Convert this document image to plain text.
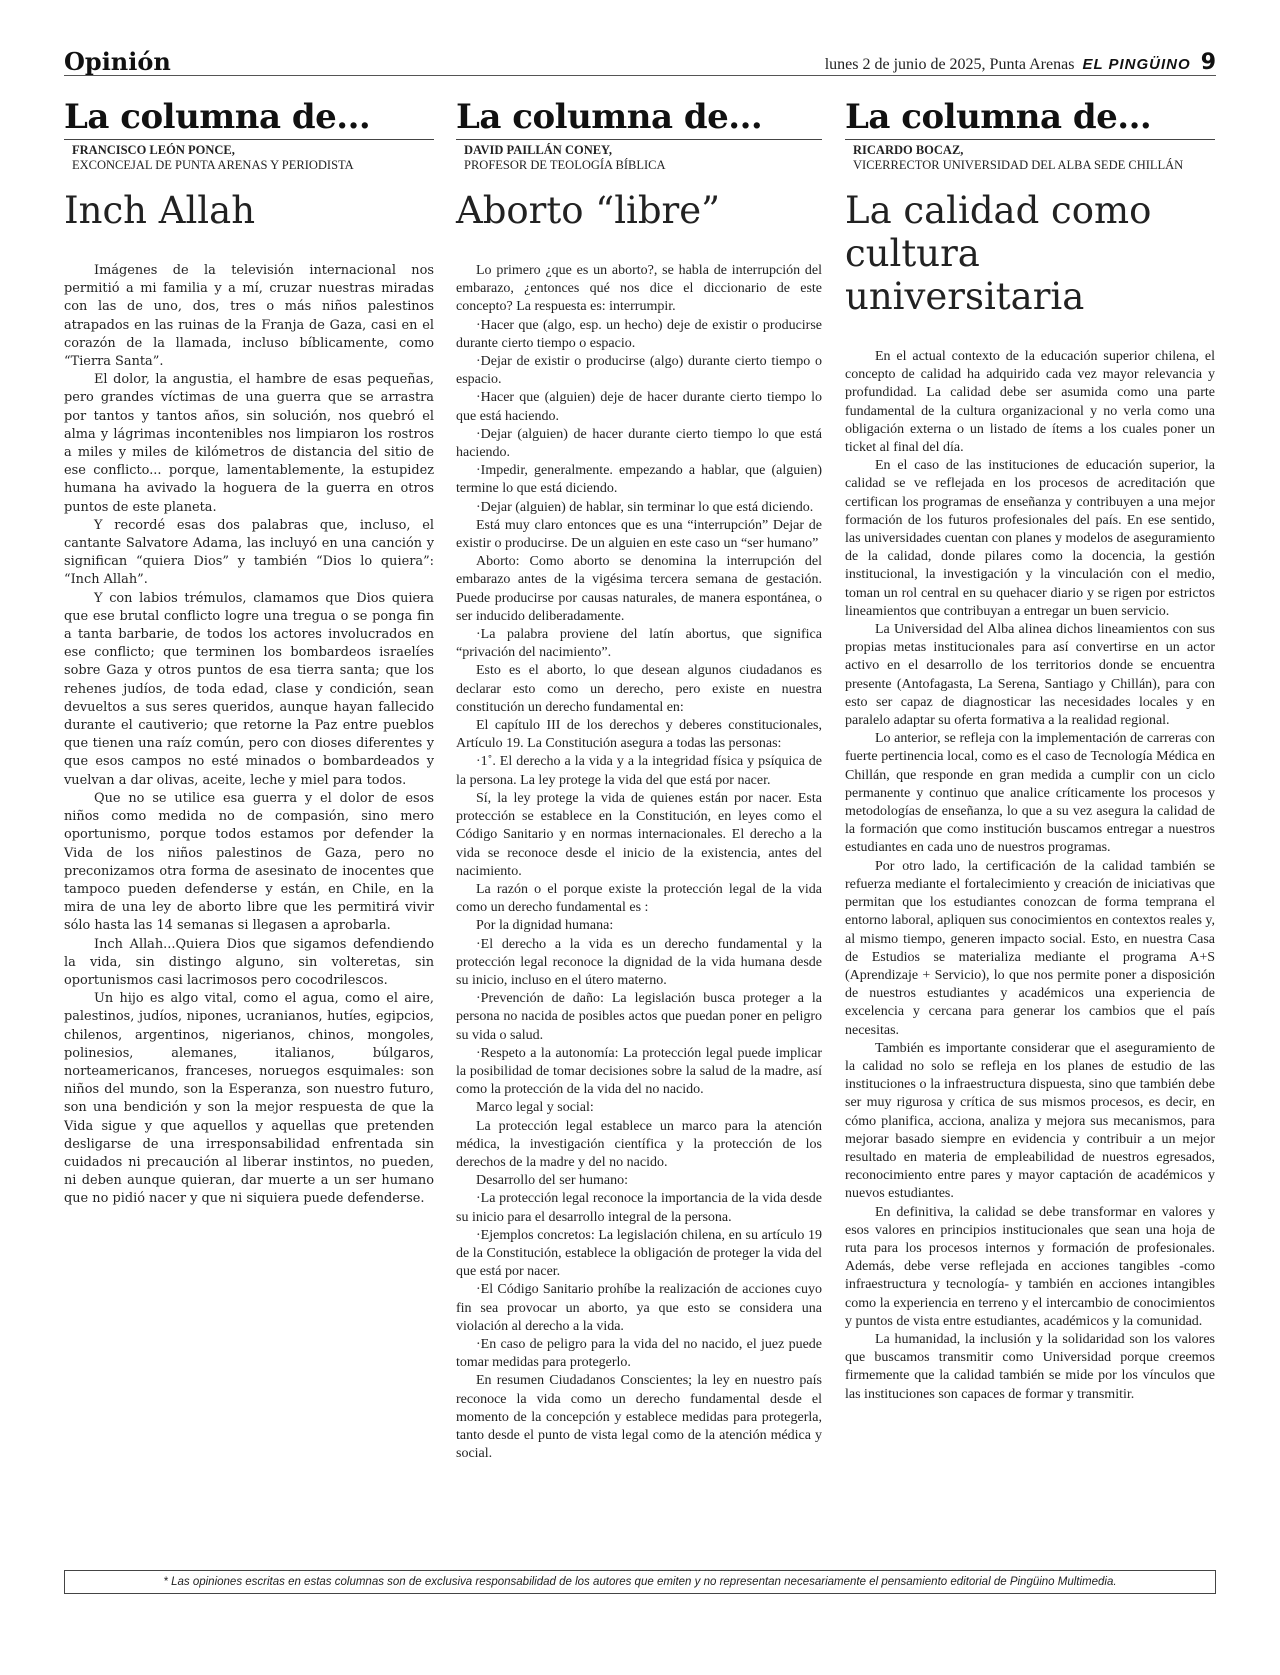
Opinión	lunes 2 de junio de 2025, Punta Arenas EL PINGÜINO 9
La columna de...
FRANCISCO LEÓN PONCE,
EXCONCEJAL DE PUNTA ARENAS Y PERIODISTA
Inch Allah

Imágenes de la televisión internacional nos permitió a mi familia y a mí, cruzar nuestras miradas con las de uno, dos, tres o más niños palestinos atrapados en las ruinas de la Franja de Gaza, casi en el corazón de la llamada, incluso bíblicamente, como “Tierra Santa”.

El dolor, la angustia, el hambre de esas pequeñas, pero grandes víctimas de una guerra que se arrastra por tantos y tantos años, sin solución, nos quebró el alma y lágrimas incontenibles nos limpiaron los rostros a miles y miles de kilómetros de distancia del sitio de ese conflicto... porque, lamentablemente, la estupidez humana ha avivado la hoguera de la guerra en otros puntos de este planeta.

Y recordé esas dos palabras que, incluso, el cantante Salvatore Adama, las incluyó en una canción y significan “quiera Dios” y también “Dios lo quiera”: “Inch Allah”.

Y con labios trémulos, clamamos que Dios quiera que ese brutal conflicto logre una tregua o se ponga fin a tanta barbarie, de todos los actores involucrados en ese conflicto; que terminen los bombardeos israelíes sobre Gaza y otros puntos de esa tierra santa; que los rehenes judíos, de toda edad, clase y condición, sean devueltos a sus seres queridos, aunque hayan fallecido durante el cautiverio; que retorne la Paz entre pueblos que tienen una raíz común, pero con dioses diferentes y que esos campos no esté minados o bombardeados y vuelvan a dar olivas, aceite, leche y miel para todos.

Que no se utilice esa guerra y el dolor de esos niños como medida no de compasión, sino mero oportunismo, porque todos estamos por defender la Vida de los niños palestinos de Gaza, pero no preconizamos otra forma de asesinato de inocentes que tampoco pueden defenderse y están, en Chile, en la mira de una ley de aborto libre que les permitirá vivir sólo hasta las 14 semanas si llegasen a aprobarla.

Inch Allah...Quiera Dios que sigamos defendiendo la vida, sin distingo alguno, sin volteretas, sin oportunismos casi lacrimosos pero cocodrilescos.

Un hijo es algo vital, como el agua, como el aire, palestinos, judíos, nipones, ucranianos, hutíes, egipcios, chilenos, argentinos, nigerianos, chinos, mongoles, polinesios, alemanes, italianos, búlgaros, norteamericanos, franceses, noruegos esquimales: son niños del mundo, son la Esperanza, son nuestro futuro, son una bendición y son la mejor respuesta de que la Vida sigue y que aquellos y aquellas que pretenden desligarse de una irresponsabilidad enfrentada sin cuidados ni precaución al liberar instintos, no pueden, ni deben aunque quieran, dar muerte a un ser humano que no pidió nacer y que ni siquiera puede defenderse.

La columna de...
DAVID PAILLÁN CONEY,
PROFESOR DE TEOLOGÍA BÍBLICA
Aborto “libre”

Lo primero ¿que es un aborto?, se habla de interrupción del embarazo, ¿entonces qué nos dice el diccionario de este concepto? La respuesta es: interrumpir.

·Hacer que (algo, esp. un hecho) deje de existir o producirse durante cierto tiempo o espacio.

·Dejar de existir o producirse (algo) durante cierto tiempo o espacio.

·Hacer que (alguien) deje de hacer durante cierto tiempo lo que está haciendo.

·Dejar (alguien) de hacer durante cierto tiempo lo que está haciendo.

·Impedir, generalmente. empezando a hablar, que (alguien) termine lo que está diciendo.

·Dejar (alguien) de hablar, sin terminar lo que está diciendo.

Está muy claro entonces que es una “interrupción” Dejar de existir o producirse. De un alguien en este caso un “ser humano”

Aborto: Como aborto se denomina la interrupción del embarazo antes de la vigésima tercera semana de gestación. Puede producirse por causas naturales, de manera espontánea, o ser inducido deliberadamente.

·La palabra proviene del latín abortus, que significa “privación del nacimiento”.

Esto es el aborto, lo que desean algunos ciudadanos es declarar esto como un derecho, pero existe en nuestra constitución un derecho fundamental en:

El capítulo III de los derechos y deberes constitucionales, Artículo 19. La Constitución asegura a todas las personas:

·1˚. El derecho a la vida y a la integridad física y psíquica de la persona. La ley protege la vida del que está por nacer.

Sí, la ley protege la vida de quienes están por nacer. Esta protección se establece en la Constitución, en leyes como el Código Sanitario y en normas internacionales. El derecho a la vida se reconoce desde el inicio de la existencia, antes del nacimiento.

La razón o el porque existe la protección legal de la vida como un derecho fundamental es :

Por la dignidad humana:

·El derecho a la vida es un derecho fundamental y la protección legal reconoce la dignidad de la vida humana desde su inicio, incluso en el útero materno.

·Prevención de daño: La legislación busca proteger a la persona no nacida de posibles actos que puedan poner en peligro su vida o salud.

·Respeto a la autonomía: La protección legal puede implicar la posibilidad de tomar decisiones sobre la salud de la madre, así como la protección de la vida del no nacido.

Marco legal y social:

La protección legal establece un marco para la atención médica, la investigación científica y la protección de los derechos de la madre y del no nacido.

Desarrollo del ser humano:

·La protección legal reconoce la importancia de la vida desde su inicio para el desarrollo integral de la persona.

·Ejemplos concretos: La legislación chilena, en su artículo 19 de la Constitución, establece la obligación de proteger la vida del que está por nacer.

·El Código Sanitario prohíbe la realización de acciones cuyo fin sea provocar un aborto, ya que esto se considera una violación al derecho a la vida.

·En caso de peligro para la vida del no nacido, el juez puede tomar medidas para protegerlo.

En resumen Ciudadanos Conscientes; la ley en nuestro país reconoce la vida como un derecho fundamental desde el momento de la concepción y establece medidas para protegerla, tanto desde el punto de vista legal como de la atención médica y social.

La columna de...
RICARDO BOCAZ,
VICERRECTOR UNIVERSIDAD DEL ALBA SEDE CHILLÁN
La calidad como cultura universitaria

En el actual contexto de la educación superior chilena, el concepto de calidad ha adquirido cada vez mayor relevancia y profundidad. La calidad debe ser asumida como una parte fundamental de la cultura organizacional y no verla como una obligación externa o un listado de ítems a los cuales poner un ticket al final del día.

En el caso de las instituciones de educación superior, la calidad se ve reflejada en los procesos de acreditación que certifican los programas de enseñanza y contribuyen a una mejor formación de los futuros profesionales del país. En ese sentido, las universidades cuentan con planes y modelos de aseguramiento de la calidad, donde pilares como la docencia, la gestión institucional, la investigación y la vinculación con el medio, toman un rol central en su quehacer diario y se rigen por estrictos lineamientos que contribuyan a entregar un buen servicio.

La Universidad del Alba alinea dichos lineamientos con sus propias metas institucionales para así convertirse en un actor activo en el desarrollo de los territorios donde se encuentra presente (Antofagasta, La Serena, Santiago y Chillán), para con esto ser capaz de diagnosticar las necesidades locales y en paralelo adaptar su oferta formativa a la realidad regional.

Lo anterior, se refleja con la implementación de carreras con fuerte pertinencia local, como es el caso de Tecnología Médica en Chillán, que responde en gran medida a cumplir con un ciclo permanente y continuo que analice críticamente los procesos y metodologías de enseñanza, lo que a su vez asegura la calidad de la formación que como institución buscamos entregar a nuestros estudiantes en cada uno de nuestros programas.

Por otro lado, la certificación de la calidad también se refuerza mediante el fortalecimiento y creación de iniciativas que permitan que los estudiantes conozcan de forma temprana el entorno laboral, apliquen sus conocimientos en contextos reales y, al mismo tiempo, generen impacto social. Esto, en nuestra Casa de Estudios se materializa mediante el programa A+S (Aprendizaje + Servicio), lo que nos permite poner a disposición de nuestros estudiantes y académicos una experiencia de excelencia y cercana para generar los cambios que el país necesitas.

También es importante considerar que el aseguramiento de la calidad no solo se refleja en los planes de estudio de las instituciones o la infraestructura dispuesta, sino que también debe ser muy rigurosa y crítica de sus mismos procesos, es decir, en cómo planifica, acciona, analiza y mejora sus mecanismos, para mejorar basado siempre en evidencia y contribuir a un mejor resultado en materia de empleabilidad de nuestros egresados, reconocimiento entre pares y mayor captación de académicos y nuevos estudiantes.

En definitiva, la calidad se debe transformar en valores y esos valores en principios institucionales que sean una hoja de ruta para los procesos internos y formación de profesionales. Además, debe verse reflejada en acciones tangibles -como infraestructura y tecnología- y también en acciones intangibles como la experiencia en terreno y el intercambio de conocimientos y puntos de vista entre estudiantes, académicos y la comunidad.

La humanidad, la inclusión y la solidaridad son los valores que buscamos transmitir como Universidad porque creemos firmemente que la calidad también se mide por los vínculos que las instituciones son capaces de formar y transmitir.

* Las opiniones escritas en estas columnas son de exclusiva responsabilidad de los autores que emiten y no representan necesariamente el pensamiento editorial de Pingüino Multimedia.
